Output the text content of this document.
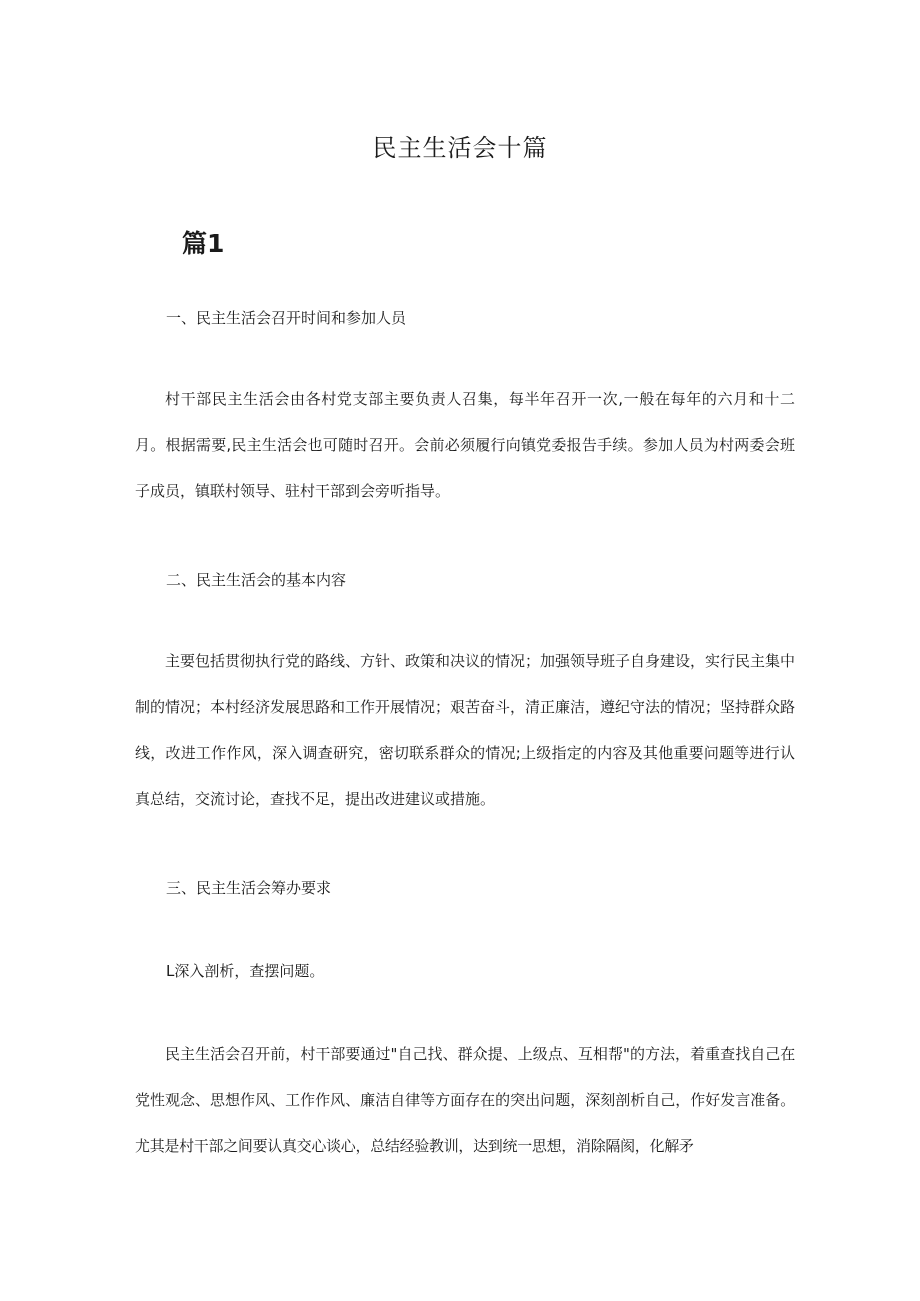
民主生活会十篇
篇1
一、民主生活会召开时间和参加人员

村干部民主生活会由各村党支部主要负责人召集，每半年召开一次,一般在每年的六月和十二月。根据需要,民主生活会也可随时召开。会前必须履行向镇党委报告手续。参加人员为村两委会班子成员，镇联村领导、驻村干部到会旁听指导。

二、民主生活会的基本内容

主要包括贯彻执行党的路线、方针、政策和决议的情况；加强领导班子自身建设，实行民主集中制的情况；本村经济发展思路和工作开展情况；艰苦奋斗，清正廉洁，遵纪守法的情况；坚持群众路线，改进工作作风，深入调查研究，密切联系群众的情况;上级指定的内容及其他重要问题等进行认真总结，交流讨论，查找不足，提出改进建议或措施。

三、民主生活会筹办要求

L深入剖析，查摆问题。

民主生活会召开前，村干部要通过"自己找、群众提、上级点、互相帮"的方法，着重查找自己在党性观念、思想作风、工作作风、廉洁自律等方面存在的突出问题，深刻剖析自己，作好发言准备。尤其是村干部之间要认真交心谈心，总结经验教训，达到统一思想，消除隔阂，化解矛
